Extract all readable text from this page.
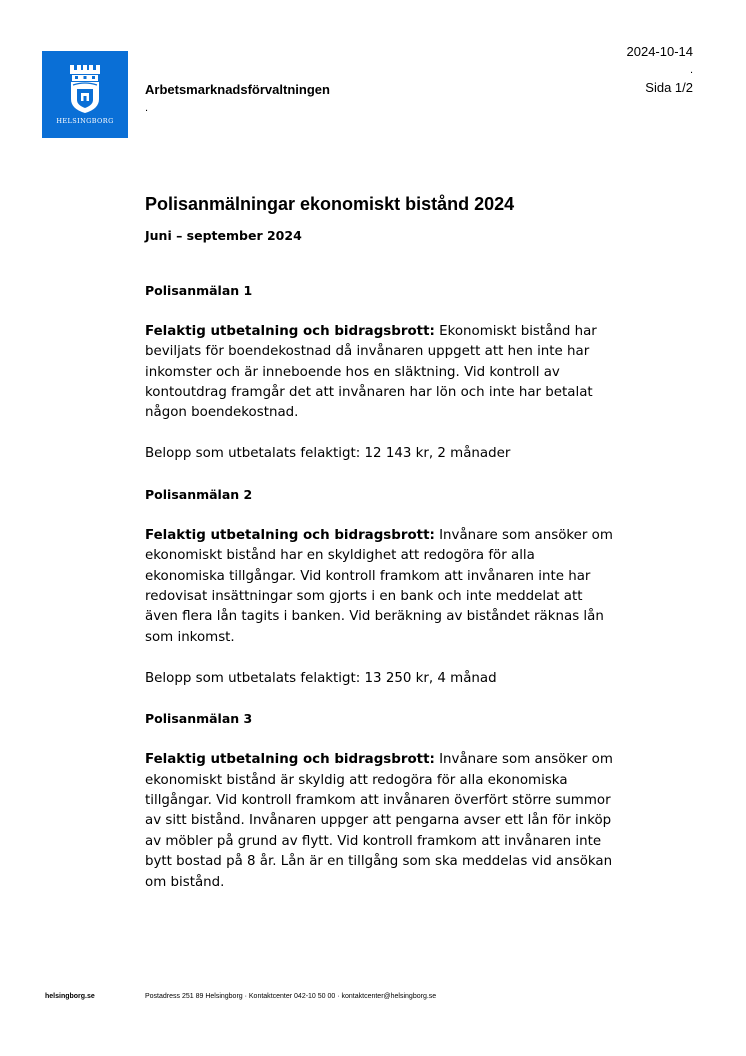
HELSINGBORG
Arbetsmarknadsförvaltningen
.
2024-10-14
.
Sida 1/2
Polisanmälningar ekonomiskt bistånd 2024
Juni – september 2024

Polisanmälan 1

Felaktig utbetalning och bidragsbrott: Ekonomiskt bistånd har beviljats för boendekostnad då invånaren uppgett att hen inte har inkomster och är inneboende hos en släktning. Vid kontroll av kontoutdrag framgår det att invånaren har lön och inte har betalat någon boendekostnad.

Belopp som utbetalats felaktigt: 12 143 kr, 2 månader

Polisanmälan 2

Felaktig utbetalning och bidragsbrott: Invånare som ansöker om ekonomiskt bistånd har en skyldighet att redogöra för alla ekonomiska tillgångar. Vid kontroll framkom att invånaren inte har redovisat insättningar som gjorts i en bank och inte meddelat att även flera lån tagits i banken. Vid beräkning av biståndet räknas lån som inkomst.

Belopp som utbetalats felaktigt: 13 250 kr, 4 månad

Polisanmälan 3

Felaktig utbetalning och bidragsbrott: Invånare som ansöker om ekonomiskt bistånd är skyldig att redogöra för alla ekonomiska tillgångar. Vid kontroll framkom att invånaren överfört större summor av sitt bistånd. Invånaren uppger att pengarna avser ett lån för inköp av möbler på grund av flytt. Vid kontroll framkom att invånaren inte bytt bostad på 8 år. Lån är en tillgång som ska meddelas vid ansökan om bistånd.

helsingborg.se	Postadress 251 89 Helsingborg · Kontaktcenter 042-10 50 00 · kontaktcenter@helsingborg.se
